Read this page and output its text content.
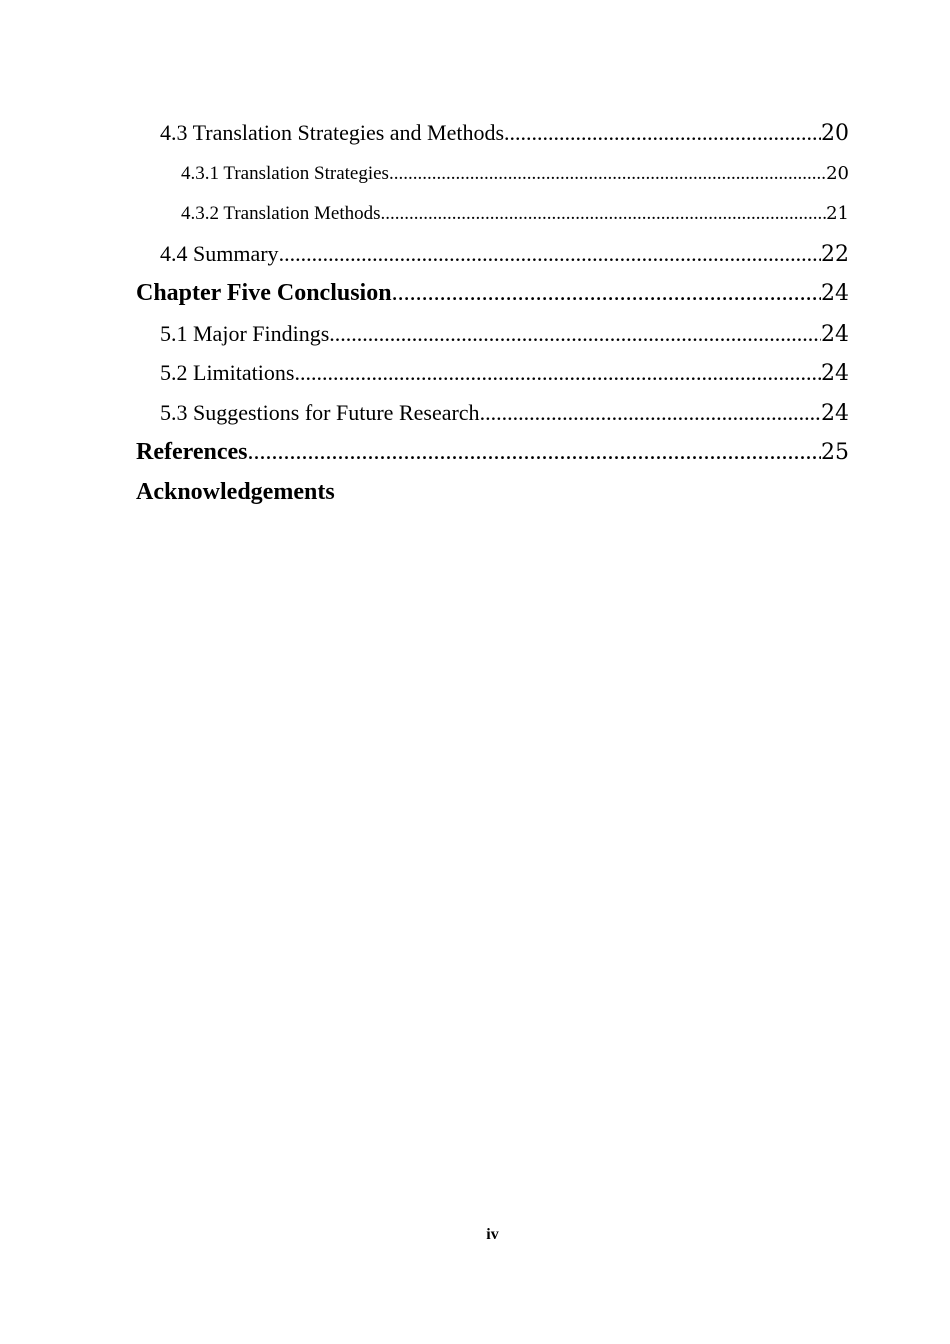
4.3 Translation Strategies and Methods .....	20
4.3.1 Translation Strategies .....	20
4.3.2 Translation Methods .....	21
4.4 Summary .....	22
Chapter Five Conclusion .....	24
5.1 Major Findings .....	24
5.2 Limitations .....	24
5.3 Suggestions for Future Research .....	24
References .....	25
Acknowledgements
iv
